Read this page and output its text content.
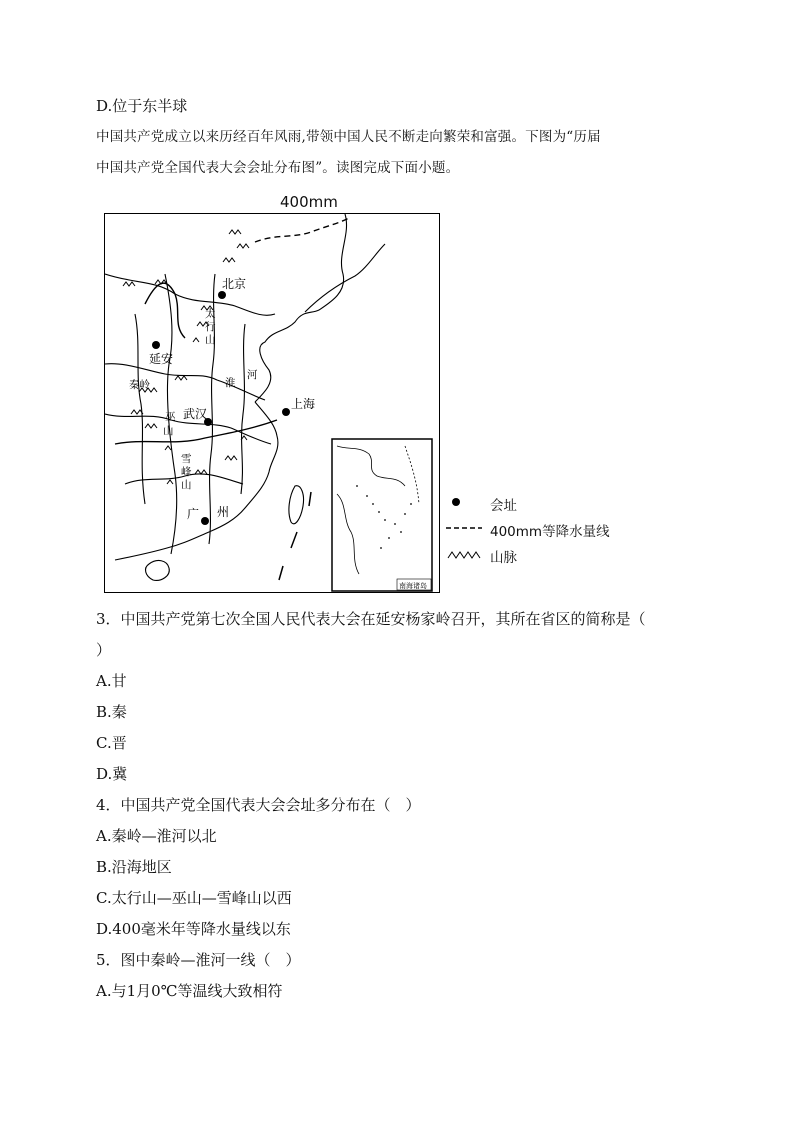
D.位于东半球
中国共产党成立以来历经百年风雨,带领中国人民不断走向繁荣和富强。下图为“历届
中国共产党全国代表大会会址分布图”。读图完成下面小题。
400mm
北京
延安
上海
武汉
广 州
太
行
山
秦岭	淮
河
巫
山
雪
峰
山
南海诸岛
会址
400mm等降水量线
山脉
3．中国共产党第七次全国人民代表大会在延安杨家岭召开，其所在省区的简称是（
）
A.甘
B.秦
C.晋
D.冀
4．中国共产党全国代表大会会址多分布在（　）
A.秦岭—淮河以北
B.沿海地区
C.太行山—巫山—雪峰山以西
D.400毫米年等降水量线以东
5．图中秦岭—淮河一线（　）
A.与1月0℃等温线大致相符
